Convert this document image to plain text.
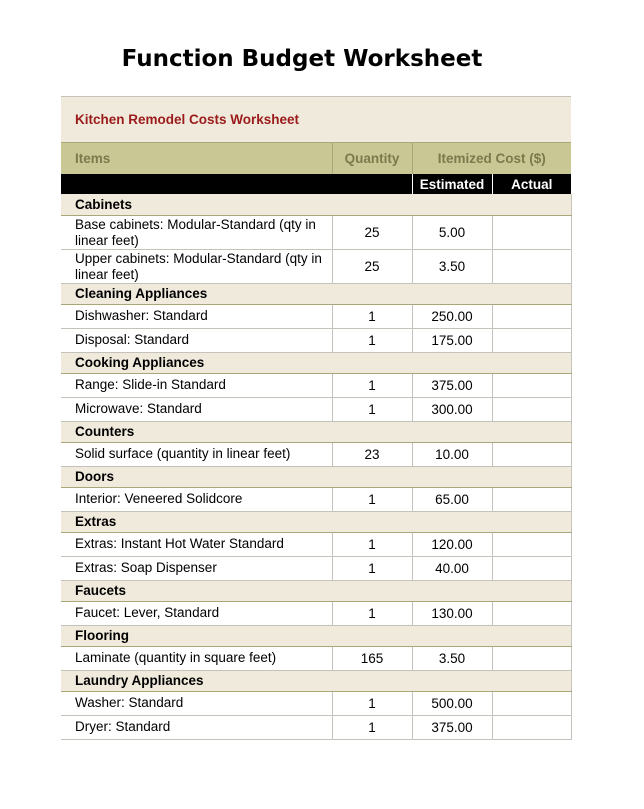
Function Budget Worksheet
Kitchen Remodel Costs Worksheet			
Items	Quantity	Itemized Cost ($)	
		Estimated	Actual
Cabinets			
Base cabinets: Modular-Standard (qty in linear feet)	25	5.00	
Upper cabinets: Modular-Standard (qty in linear feet)	25	3.50	
Cleaning Appliances			
Dishwasher: Standard	1	250.00	
Disposal: Standard	1	175.00	
Cooking Appliances			
Range: Slide-in Standard	1	375.00	
Microwave: Standard	1	300.00	
Counters			
Solid surface (quantity in linear feet)	23	10.00	
Doors			
Interior: Veneered Solidcore	1	65.00	
Extras			
Extras: Instant Hot Water Standard	1	120.00	
Extras: Soap Dispenser	1	40.00	
Faucets			
Faucet: Lever, Standard	1	130.00	
Flooring			
Laminate (quantity in square feet)	165	3.50	
Laundry Appliances			
Washer: Standard	1	500.00	
Dryer: Standard	1	375.00	
